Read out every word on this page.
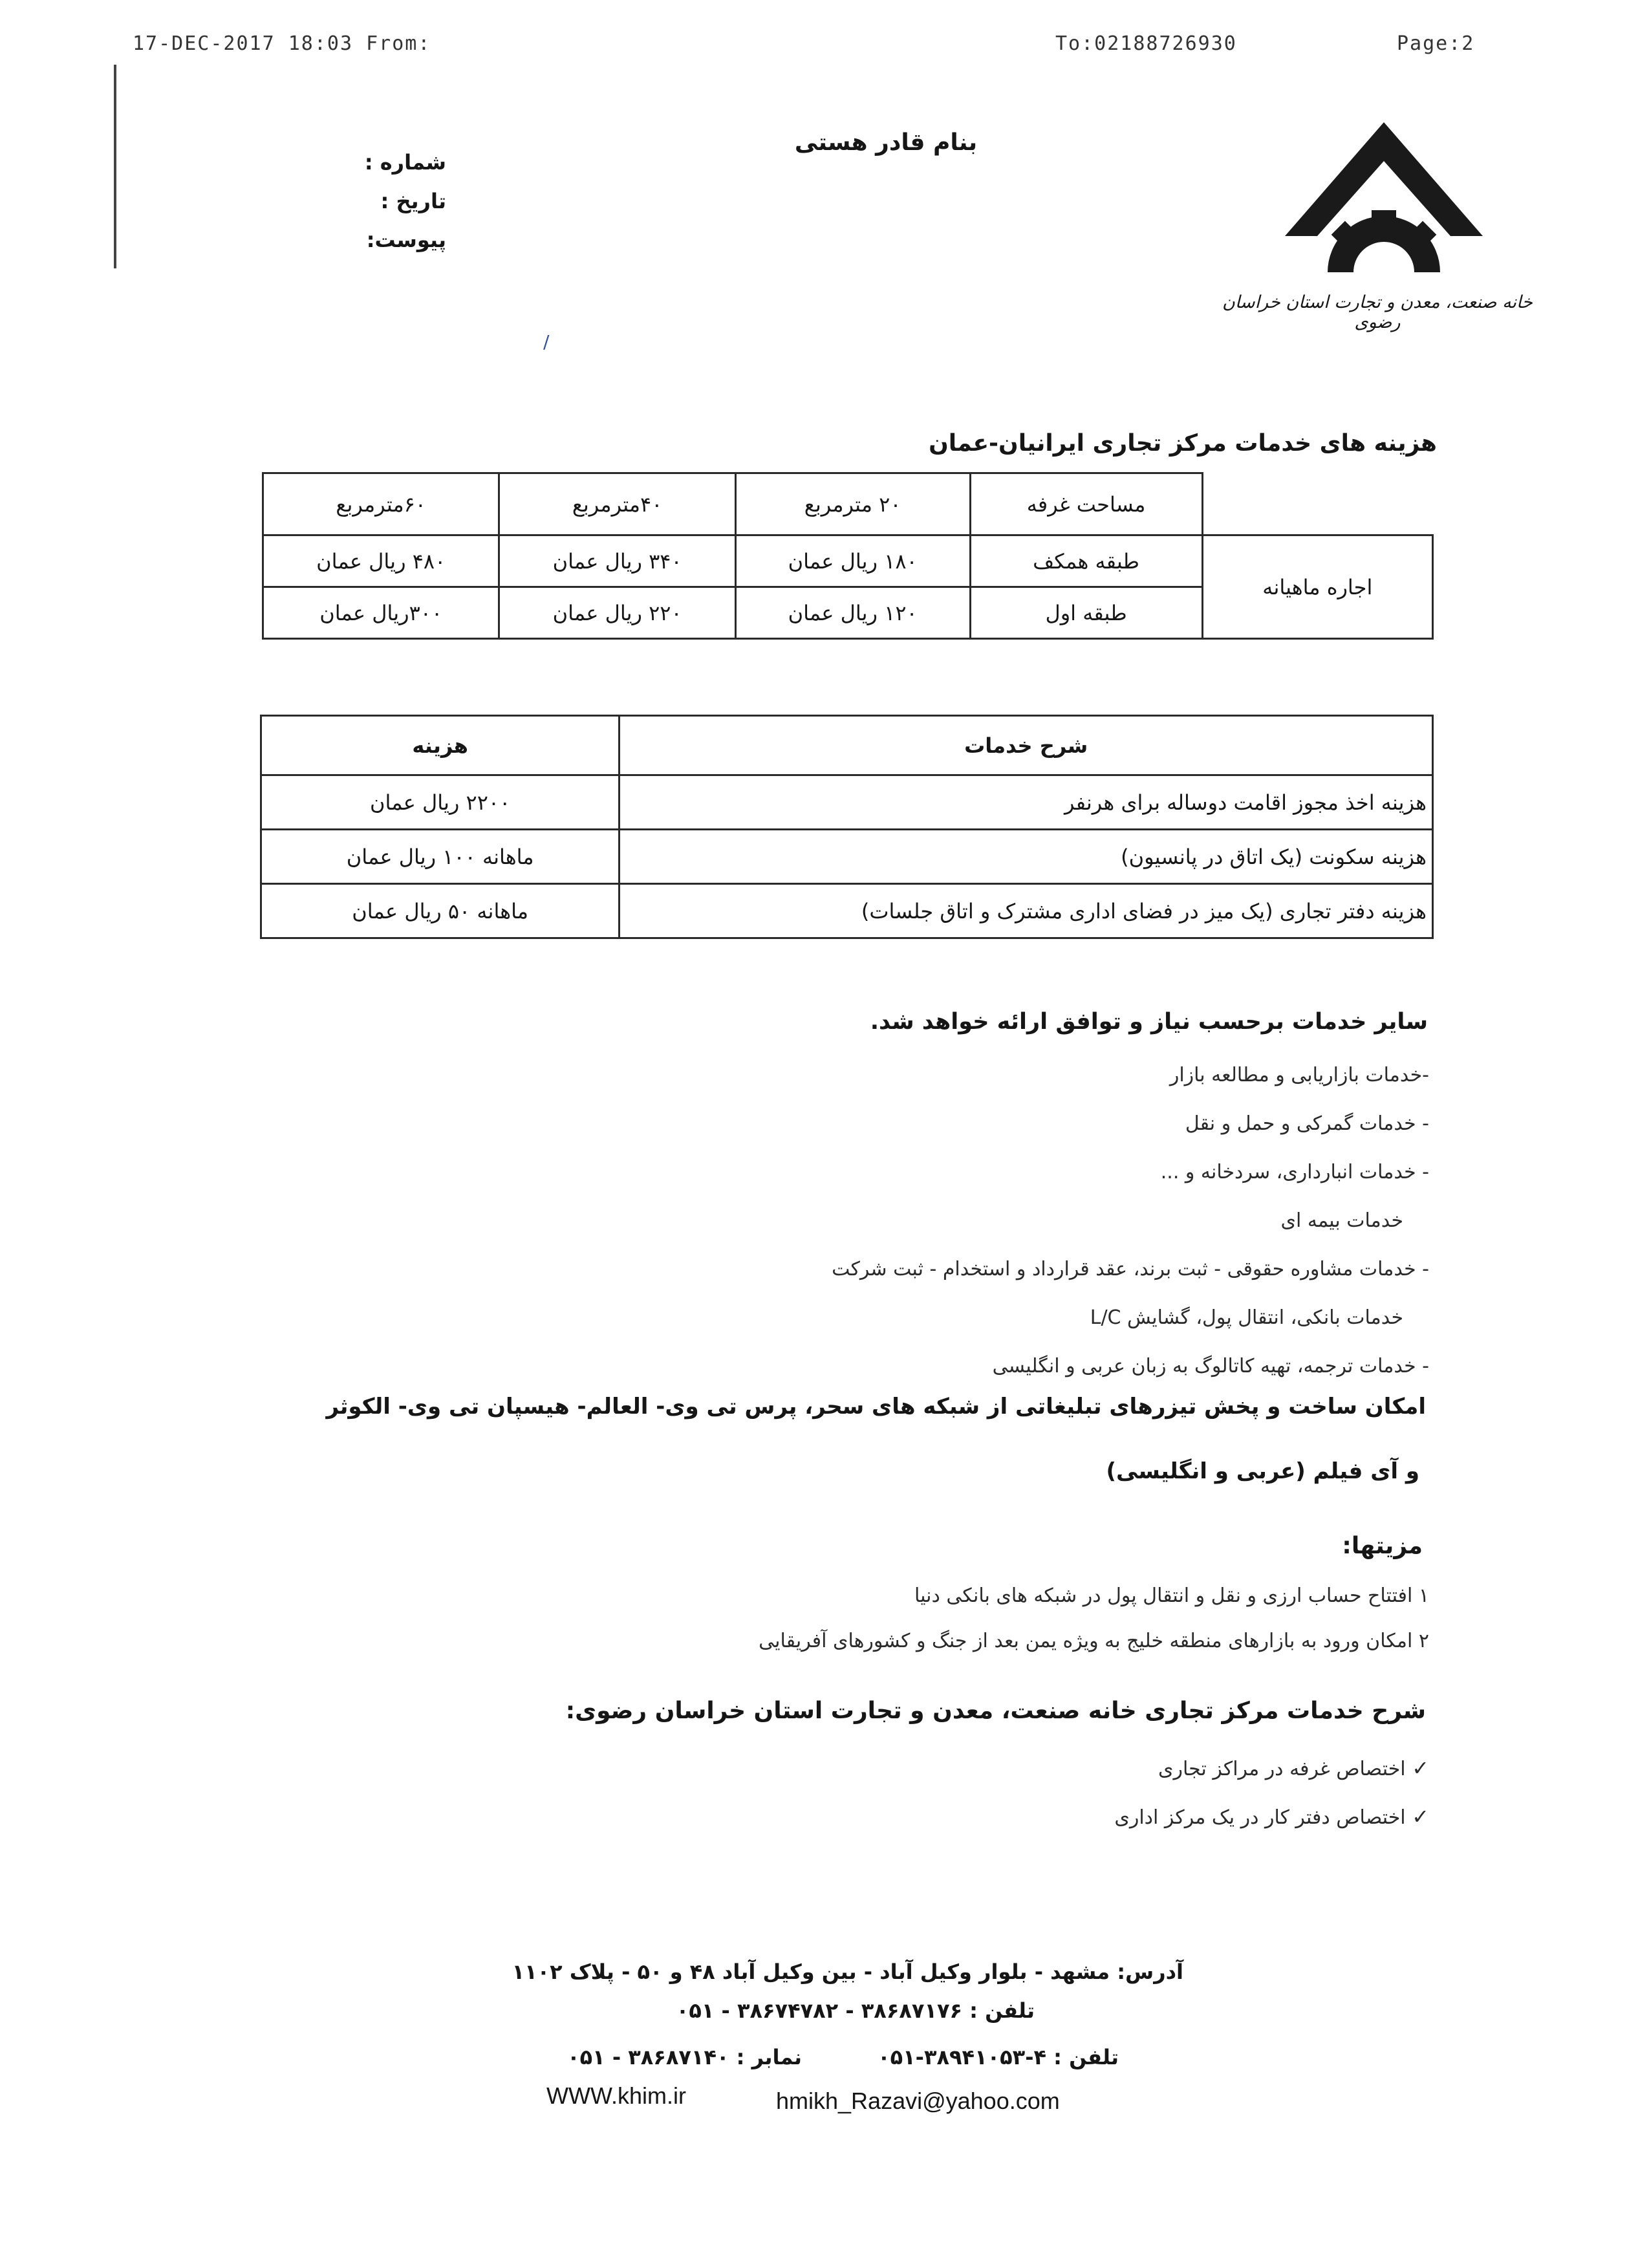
17-DEC-2017 18:03 From:	To:02188726930	Page:2
بنام قادر هستی
شماره :
تاریخ :
پیوست:
خانه صنعت، معدن و تجارت استان خراسان رضوی
/
هزینه های خدمات مرکز تجاری ایرانیان-عمان
	مساحت غرفه	۲۰ مترمربع	۴۰مترمربع	۶۰مترمربع
اجاره ماهیانه	طبقه همکف	۱۸۰ ریال عمان	۳۴۰ ریال عمان	۴۸۰ ریال عمان
	طبقه اول	۱۲۰ ریال عمان	۲۲۰ ریال عمان	۳۰۰ریال عمان
شرح خدمات	هزینه
هزینه اخذ مجوز اقامت دوساله برای هرنفر	۲۲۰۰ ریال عمان
هزینه سکونت (یک اتاق در پانسیون)	ماهانه ۱۰۰ ریال عمان
هزینه دفتر تجاری (یک میز در فضای اداری مشترک و اتاق جلسات)	ماهانه ۵۰ ریال عمان
سایر خدمات برحسب نیاز و توافق ارائه خواهد شد.
-خدمات بازاریابی و مطالعه بازار
- خدمات گمرکی و حمل و نقل
- خدمات انبارداری، سردخانه و ...
خدمات بیمه ای
- خدمات مشاوره حقوقی - ثبت برند، عقد قرارداد و استخدام - ثبت شرکت
خدمات بانکی، انتقال پول، گشایش L/C
- خدمات ترجمه، تهیه کاتالوگ به زبان عربی و انگلیسی
امکان ساخت و پخش تیزرهای تبلیغاتی از شبکه های سحر، پرس تی وی- العالم- هیسپان تی وی- الکوثر
و آی فیلم (عربی و انگلیسی)
مزیتها:
۱ افتتاح حساب ارزی و نقل و انتقال پول در شبکه های بانکی دنیا
۲ امکان ورود به بازارهای منطقه خلیج به ویژه یمن بعد از جنگ و کشورهای آفریقایی
شرح خدمات مرکز تجاری خانه صنعت، معدن و تجارت استان خراسان رضوی:
✓ اختصاص غرفه در مراکز تجاری
✓ اختصاص دفتر کار در یک مرکز اداری
آدرس: مشهد - بلوار وکیل آباد - بین وکیل آباد ۴۸ و ۵۰ - پلاک ۱۱۰۲
تلفن : ۳۸۶۸۷۱۷۶ - ۳۸۶۷۴۷۸۲ - ۰۵۱
تلفن : ۴-۳۸۹۴۱۰۵۳-۰۵۱
نمابر : ۳۸۶۸۷۱۴۰ - ۰۵۱
WWW.khim.ir	hmikh_Razavi@yahoo.com
